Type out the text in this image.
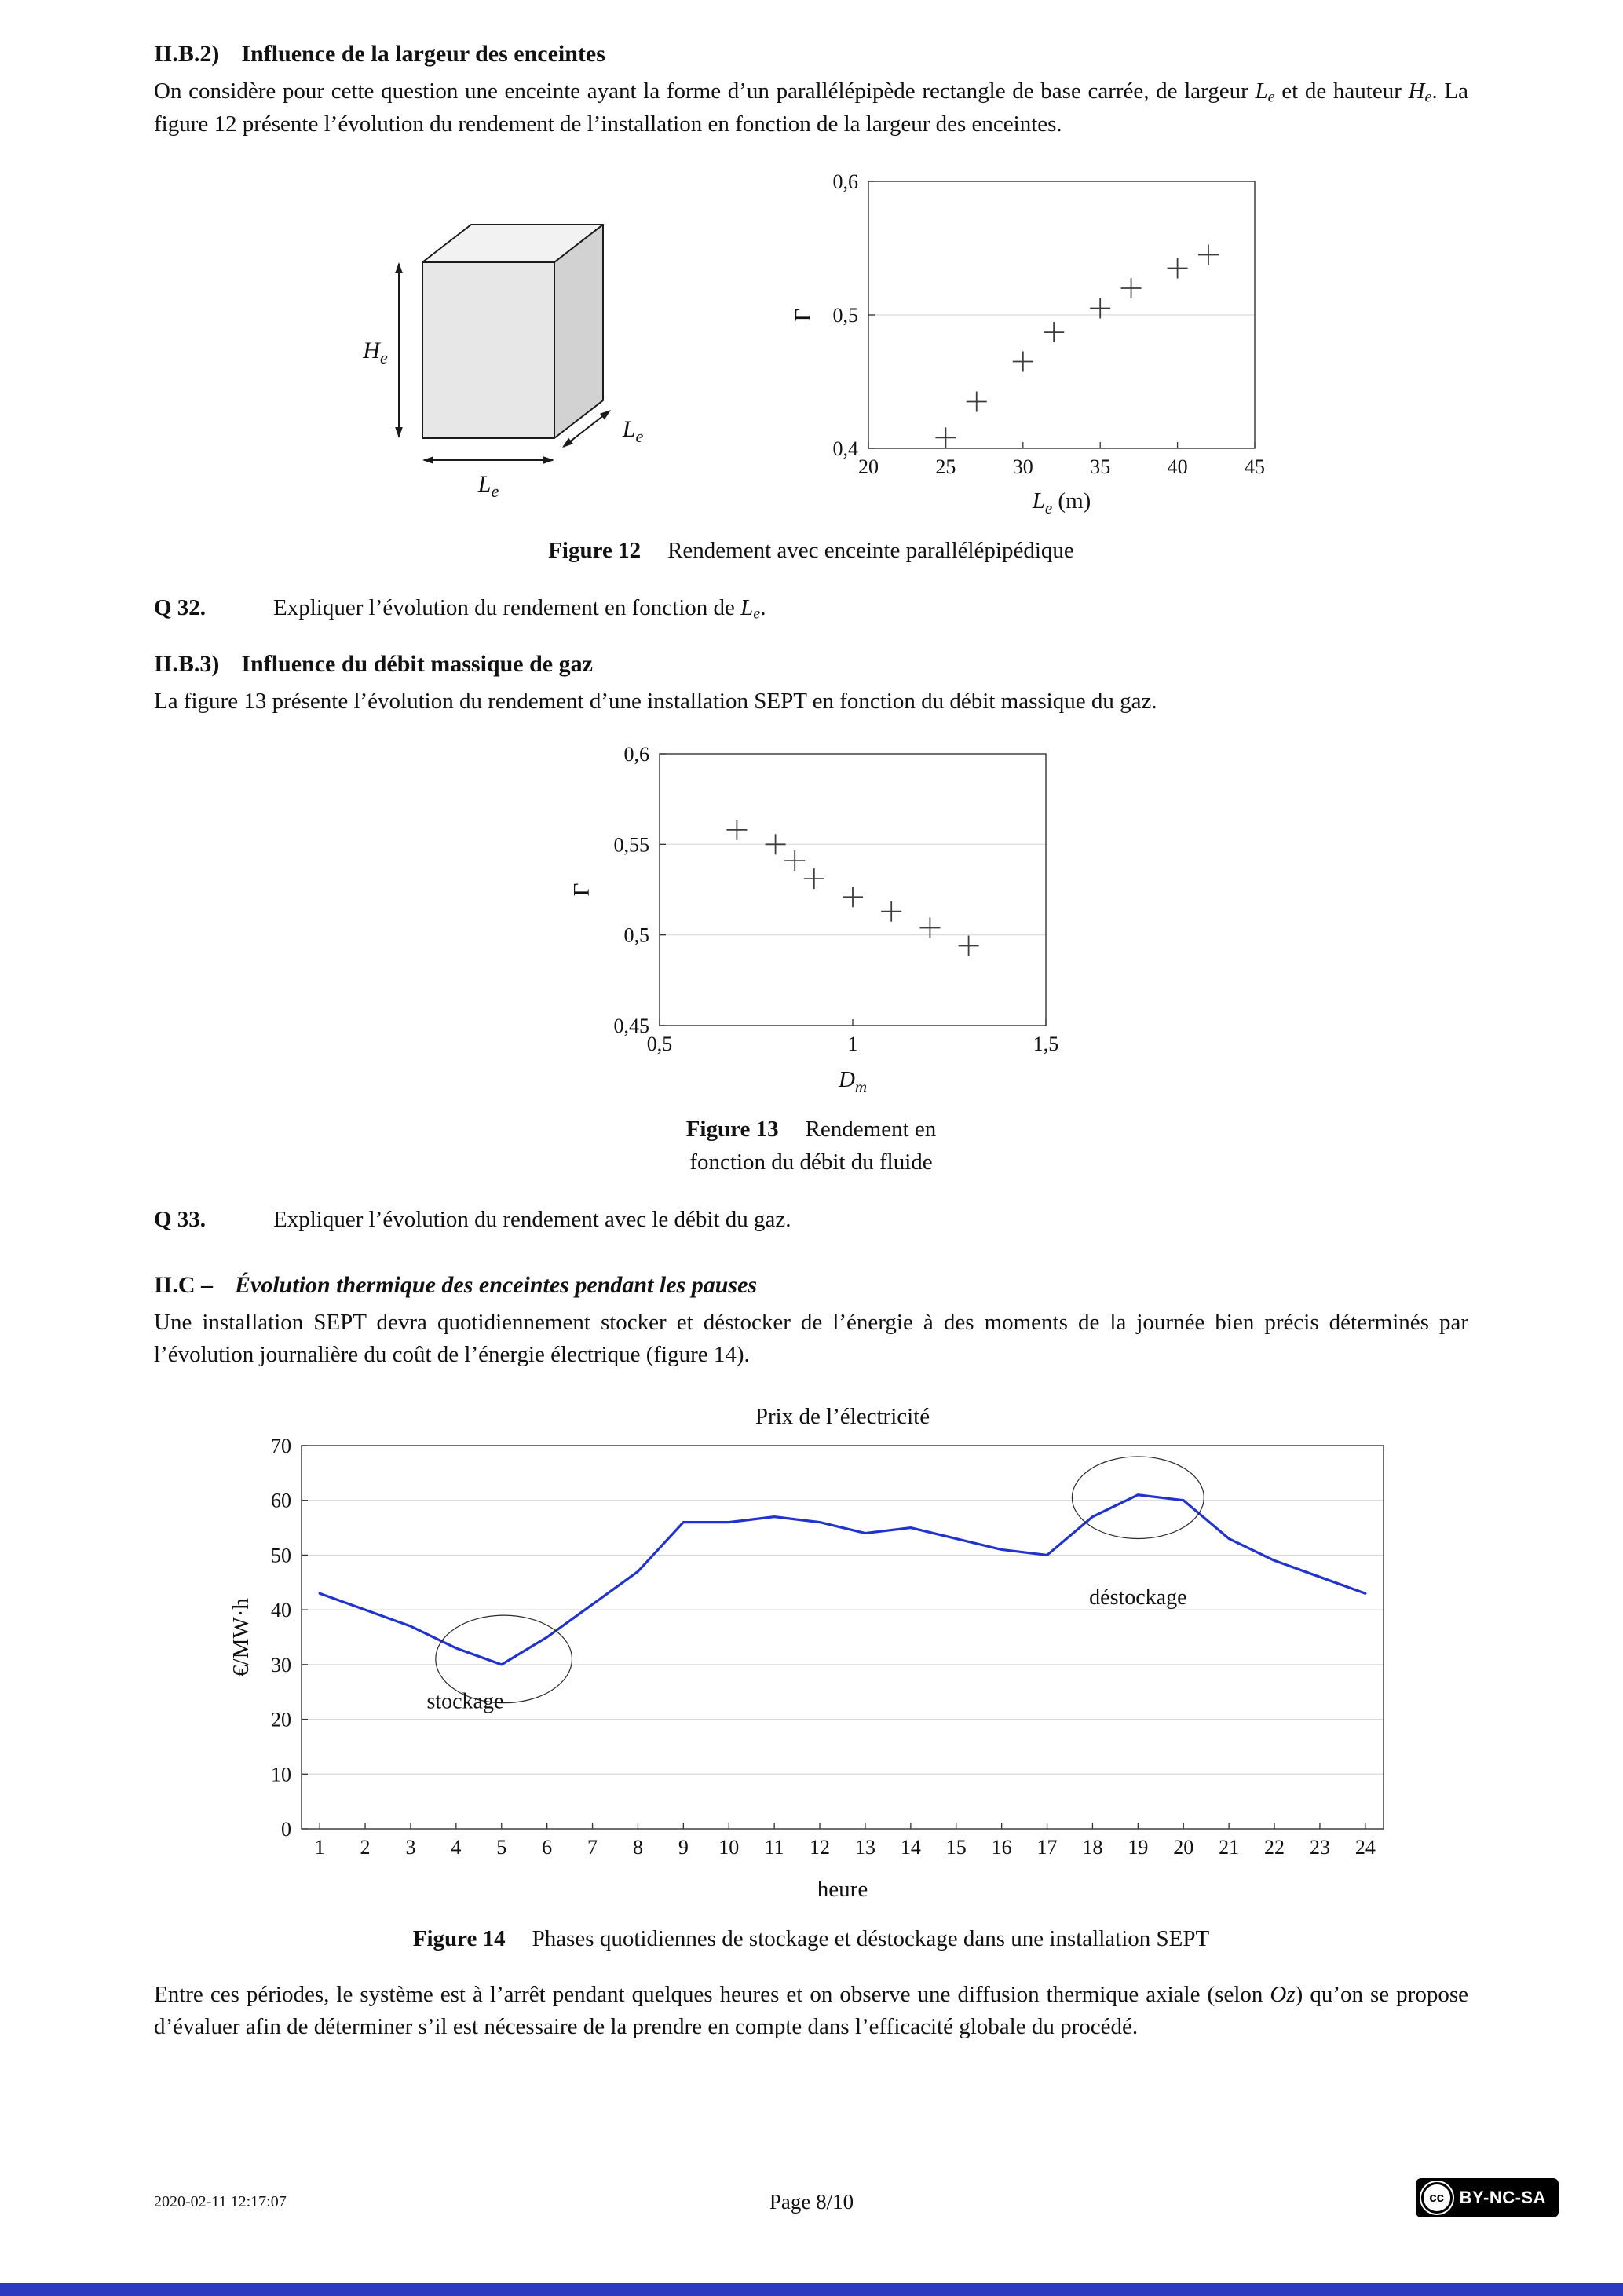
II.B.2) Influence de la largeur des enceintes

On considère pour cette question une enceinte ayant la forme d’un parallélépipède rectangle de base carrée, de largeur Le et de hauteur He. La figure 12 présente l’évolution du rendement de l’installation en fonction de la largeur des enceintes.

$H_e$
$L_e$
$L_e$
20	25	30	35	40	45
0,4
0,5
0,6
$L_e$ (m)
Γ
Figure 12 Rendement avec enceinte parallélépipédique
Q 32.	Expliquer l’évolution du rendement en fonction de Le.
II.B.3) Influence du débit massique de gaz

La figure 13 présente l’évolution du rendement d’une installation SEPT en fonction du débit massique du gaz.

0,5	1	1,5
0,45
0,5
0,55
0,6
$D_m$
Γ
Figure 13 Rendement en
fonction du débit du fluide
Q 33.	Expliquer l’évolution du rendement avec le débit du gaz.
II.C – Évolution thermique des enceintes pendant les pauses

Une installation SEPT devra quotidiennement stocker et déstocker de l’énergie à des moments de la journée bien précis déterminés par l’évolution journalière du coût de l’énergie électrique (figure 14).

1 2 3 4 5 6 7 8 9 10 11 12 13 14 15 16 17 18 19 20 21 22 23 24
0
10
20
30
40
50
60
70
Prix de l’électricité
heure
€/MW·h
stockage
déstockage
Figure 14 Phases quotidiennes de stockage et déstockage dans une installation SEPT

Entre ces périodes, le système est à l’arrêt pendant quelques heures et on observe une diffusion thermique axiale (selon Oz) qu’on se propose d’évaluer afin de déterminer s’il est nécessaire de la prendre en compte dans l’efficacité globale du procédé.

2020-02-11 12:17:07	Page 8/10	cc BY-NC-SA
